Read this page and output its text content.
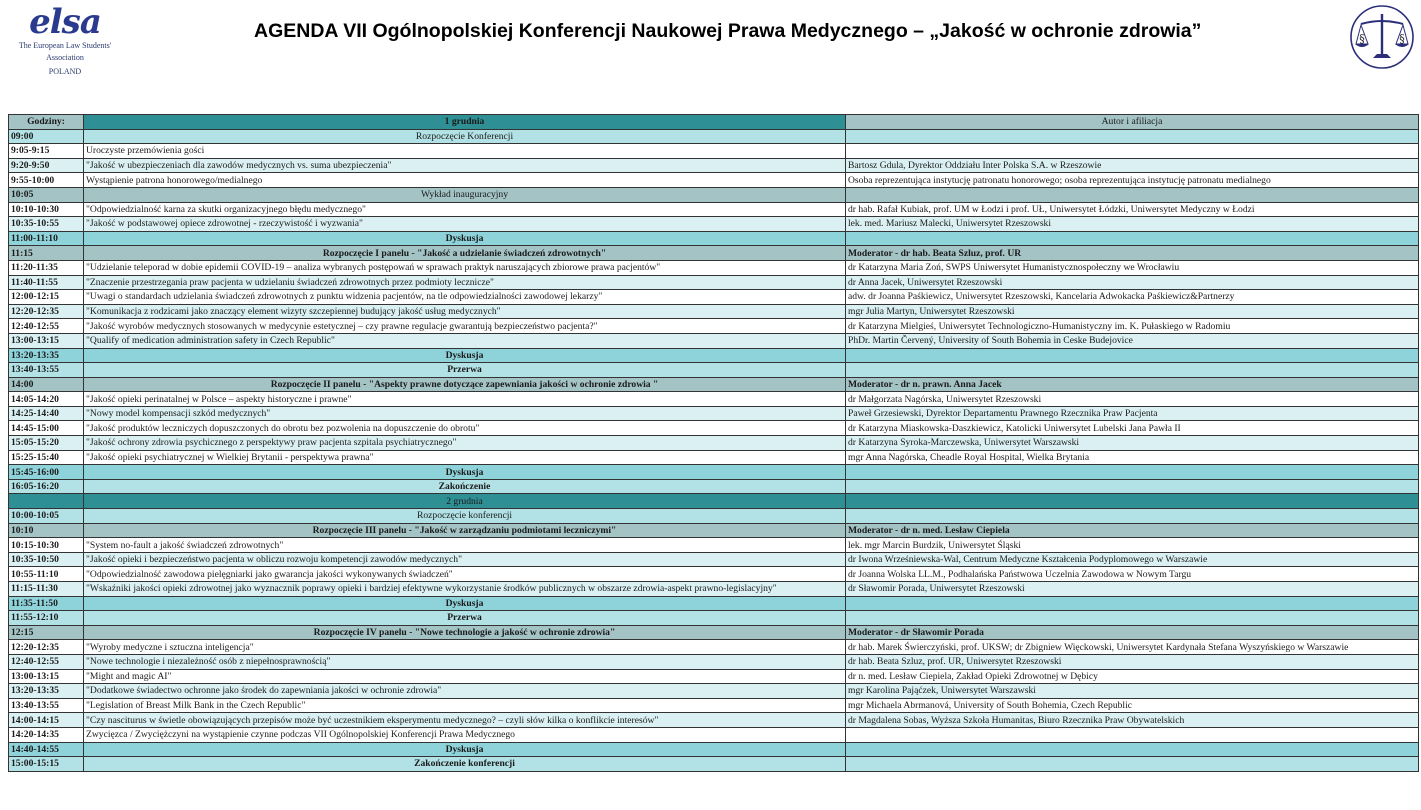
elsa
The European Law Students' Association
POLAND
AGENDA VII Ogólnopolskiej Konferencji Naukowej Prawa Medycznego – „Jakość w ochronie zdrowia”	§	§
Godziny:	1 grudnia	Autor i afiliacja
09:00	Rozpoczęcie Konferencji	
9:05-9:15	Uroczyste przemówienia gości	
9:20-9:50	"Jakość w ubezpieczeniach dla zawodów medycznych vs. suma ubezpieczenia"	Bartosz Gdula, Dyrektor Oddziału Inter Polska S.A. w Rzeszowie
9:55-10:00	Wystąpienie patrona honorowego/medialnego	Osoba reprezentująca instytucję patronatu honorowego; osoba reprezentująca instytucję patronatu medialnego
10:05	Wykład inauguracyjny	
10:10-10:30	"Odpowiedzialność karna za skutki organizacyjnego błędu medycznego"	dr hab. Rafał Kubiak, prof. UM w Łodzi i prof. UŁ, Uniwersytet Łódzki, Uniwersytet Medyczny w Łodzi
10:35-10:55	"Jakość w podstawowej opiece zdrowotnej - rzeczywistość i wyzwania"	lek. med. Mariusz Malecki, Uniwersytet Rzeszowski
11:00-11:10	Dyskusja	
11:15	Rozpoczęcie I panelu - "Jakość a udzielanie świadczeń zdrowotnych"	Moderator - dr hab. Beata Szluz, prof. UR
11:20-11:35	"Udzielanie teleporad w dobie epidemii COVID-19 – analiza wybranych postępowań w sprawach praktyk naruszających zbiorowe prawa pacjentów"	dr Katarzyna Maria Zoń, SWPS Uniwersytet Humanistycznospołeczny we Wrocławiu
11:40-11:55	"Znaczenie przestrzegania praw pacjenta w udzielaniu świadczeń zdrowotnych przez podmioty lecznicze"	dr Anna Jacek, Uniwersytet Rzeszowski
12:00-12:15	"Uwagi o standardach udzielania świadczeń zdrowotnych z punktu widzenia pacjentów, na tle odpowiedzialności zawodowej lekarzy"	adw. dr Joanna Paśkiewicz, Uniwersytet Rzeszowski, Kancelaria Adwokacka Paśkiewicz&Partnerzy
12:20-12:35	"Komunikacja z rodzicami jako znaczący element wizyty szczepiennej budujący jakość usług medycznych"	mgr Julia Martyn, Uniwersytet Rzeszowski
12:40-12:55	"Jakość wyrobów medycznych stosowanych w medycynie estetycznej – czy prawne regulacje gwarantują bezpieczeństwo pacjenta?"	dr Katarzyna Mielgieś, Uniwersytet Technologiczno-Humanistyczny im. K. Pułaskiego w Radomiu
13:00-13:15	"Qualify of medication administration safety in Czech Republic"	PhDr. Martin Červený, University of South Bohemia in Ceske Budejovice
13:20-13:35	Dyskusja	
13:40-13:55	Przerwa	
14:00	Rozpoczęcie II panelu - "Aspekty prawne dotyczące zapewniania jakości w ochronie zdrowia "	Moderator - dr n. prawn. Anna Jacek
14:05-14:20	"Jakość opieki perinatalnej w Polsce – aspekty historyczne i prawne"	dr Małgorzata Nagórska, Uniwersytet Rzeszowski
14:25-14:40	"Nowy model kompensacji szkód medycznych"	Paweł Grzesiewski, Dyrektor Departamentu Prawnego Rzecznika Praw Pacjenta
14:45-15:00	"Jakość produktów leczniczych dopuszczonych do obrotu bez pozwolenia na dopuszczenie do obrotu"	dr Katarzyna Miaskowska-Daszkiewicz, Katolicki Uniwersytet Lubelski Jana Pawła II
15:05-15:20	"Jakość ochrony zdrowia psychicznego z perspektywy praw pacjenta szpitala psychiatrycznego"	dr Katarzyna Syroka-Marczewska, Uniwersytet Warszawski
15:25-15:40	"Jakość opieki psychiatrycznej w Wielkiej Brytanii - perspektywa prawna"	mgr Anna Nagórska, Cheadle Royal Hospital, Wielka Brytania
15:45-16:00	Dyskusja	
16:05-16:20	Zakończenie	
	2 grudnia	
10:00-10:05	Rozpoczęcie konferencji	
10:10	Rozpoczęcie III panelu - "Jakość w zarządzaniu podmiotami leczniczymi"	Moderator - dr n. med. Lesław Ciepiela
10:15-10:30	"System no-fault a jakość świadczeń zdrowotnych"	lek. mgr Marcin Burdzik, Uniwersytet Śląski
10:35-10:50	"Jakość opieki i bezpieczeństwo pacjenta w obliczu rozwoju kompetencji zawodów medycznych"	dr Iwona Wrześniewska-Wal, Centrum Medyczne Kształcenia Podyplomowego w Warszawie
10:55-11:10	"Odpowiedzialność zawodowa pielęgniarki jako gwarancja jakości wykonywanych świadczeń"	dr Joanna Wolska LL.M., Podhalańska Państwowa Uczelnia Zawodowa w Nowym Targu
11:15-11:30	"Wskaźniki jakości opieki zdrowotnej jako wyznacznik poprawy opieki i bardziej efektywne wykorzystanie środków publicznych w obszarze zdrowia-aspekt prawno-legislacyjny"	dr Sławomir Porada, Uniwersytet Rzeszowski
11:35-11:50	Dyskusja	
11:55-12:10	Przerwa	
12:15	Rozpoczęcie IV panelu - "Nowe technologie a jakość w ochronie zdrowia"	Moderator - dr Sławomir Porada
12:20-12:35	"Wyroby medyczne i sztuczna inteligencja"	dr hab. Marek Świerczyński, prof. UKSW; dr Zbigniew Więckowski, Uniwersytet Kardynała Stefana Wyszyńskiego w Warszawie
12:40-12:55	"Nowe technologie i niezależność osób z niepełnosprawnością"	dr hab. Beata Szluz, prof. UR, Uniwersytet Rzeszowski
13:00-13:15	"Might and magic AI"	dr n. med. Lesław Ciepiela, Zakład Opieki Zdrowotnej w Dębicy
13:20-13:35	"Dodatkowe świadectwo ochronne jako środek do zapewniania jakości w ochronie zdrowia"	mgr Karolina Pająćzek, Uniwersytet Warszawski
13:40-13:55	"Legislation of Breast Milk Bank in the Czech Republic"	mgr Michaela Abrmanová, University of South Bohemia, Czech Republic
14:00-14:15	"Czy nasciturus w świetle obowiązujących przepisów może być uczestnikiem eksperymentu medycznego? – czyli słów kilka o konflikcie interesów"	dr Magdalena Sobas, Wyższa Szkoła Humanitas, Biuro Rzecznika Praw Obywatelskich
14:20-14:35	Zwycięzca / Zwyciężczyni na wystąpienie czynne podczas VII Ogólnopolskiej Konferencji Prawa Medycznego	
14:40-14:55	Dyskusja	
15:00-15:15	Zakończenie konferencji	
